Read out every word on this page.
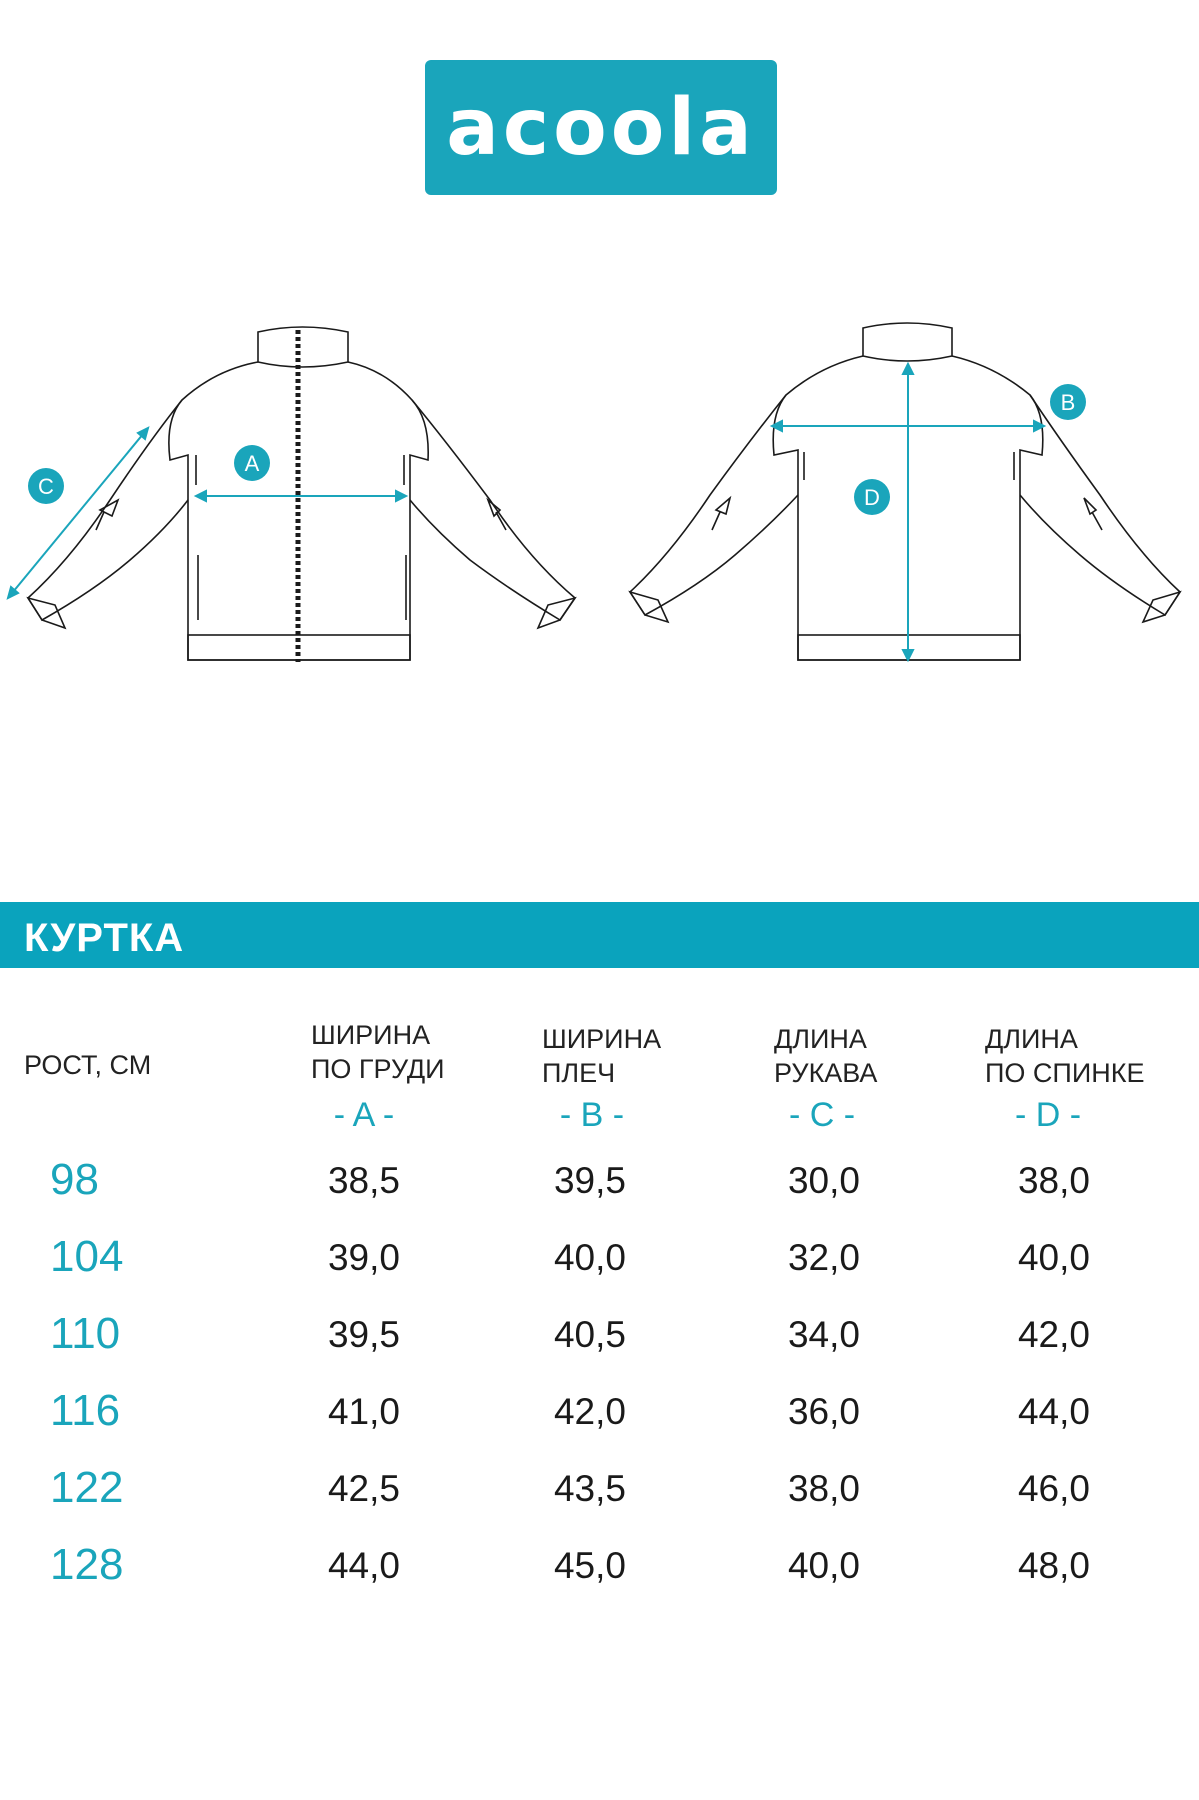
acoola
A
B
C	D
КУРТКА
РОСТ, СМ
ШИРИНА
ПО ГРУДИ
ШИРИНА
ПЛЕЧ
ДЛИНА
РУКАВА
ДЛИНА
ПО СПИНКЕ
- A -	- B -	- C -	- D -
98	38,5	39,5	30,0	38,0
104	39,0	40,0	32,0	40,0
110	39,5	40,5	34,0	42,0
116	41,0	42,0	36,0	44,0
122	42,5	43,5	38,0	46,0
128	44,0	45,0	40,0	48,0
